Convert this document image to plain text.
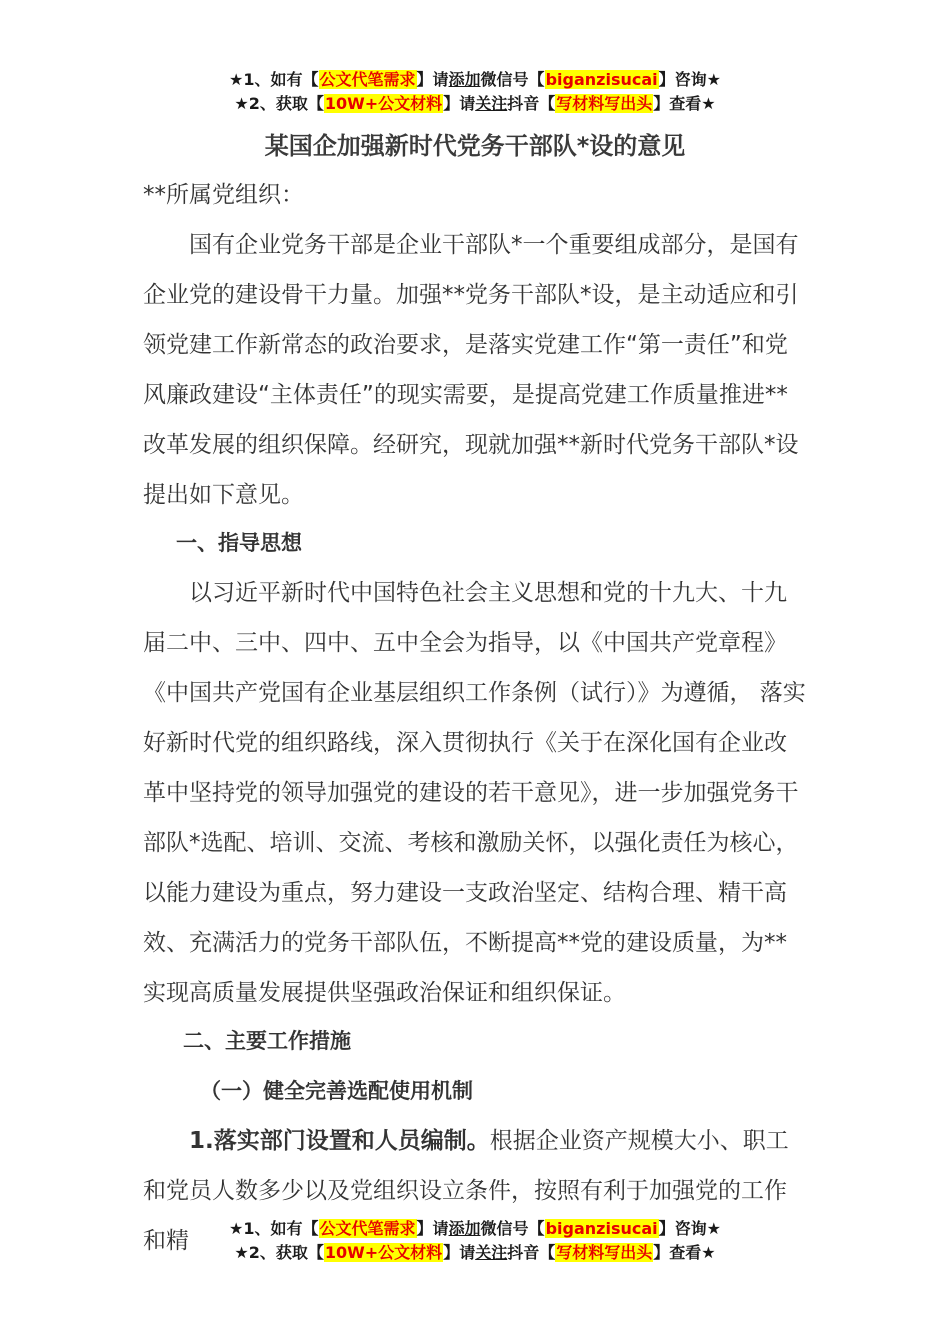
★1、如有【公文代笔需求】请添加微信号【biganzisucai】咨询★
★2、获取【10W+公文材料】请关注抖音【写材料写出头】查看★
某国企加强新时代党务干部队*设的意见
**所属党组织：
国有企业党务干部是企业干部队*一个重要组成部分，是国有企业党的建设骨干力量。加强**党务干部队*设，是主动适应和引领党建工作新常态的政治要求，是落实党建工作“第一责任”和党风廉政建设“主体责任”的现实需要，是提高党建工作质量推进**改革发展的组织保障。经研究，现就加强**新时代党务干部队*设提出如下意见。
一、指导思想
以习近平新时代中国特色社会主义思想和党的十九大、十九届二中、三中、四中、五中全会为指导，以《中国共产党章程》《中国共产党国有企业基层组织工作条例（试行）》为遵循， 落实好新时代党的组织路线，深入贯彻执行《关于在深化国有企业改革中坚持党的领导加强党的建设的若干意见》，进一步加强党务干部队*选配、培训、交流、考核和激励关怀，以强化责任为核心，以能力建设为重点，努力建设一支政治坚定、结构合理、精干高效、充满活力的党务干部队伍，不断提高**党的建设质量，为**实现高质量发展提供坚强政治保证和组织保证。
二、主要工作措施
（一）健全完善选配使用机制
1.落实部门设置和人员编制。根据企业资产规模大小、职工和党员人数多少以及党组织设立条件，按照有利于加强党的工作和精	★1、如有【公文代笔需求】请添加微信号【biganzisucai】咨询★
★2、获取【10W+公文材料】请关注抖音【写材料写出头】查看★
